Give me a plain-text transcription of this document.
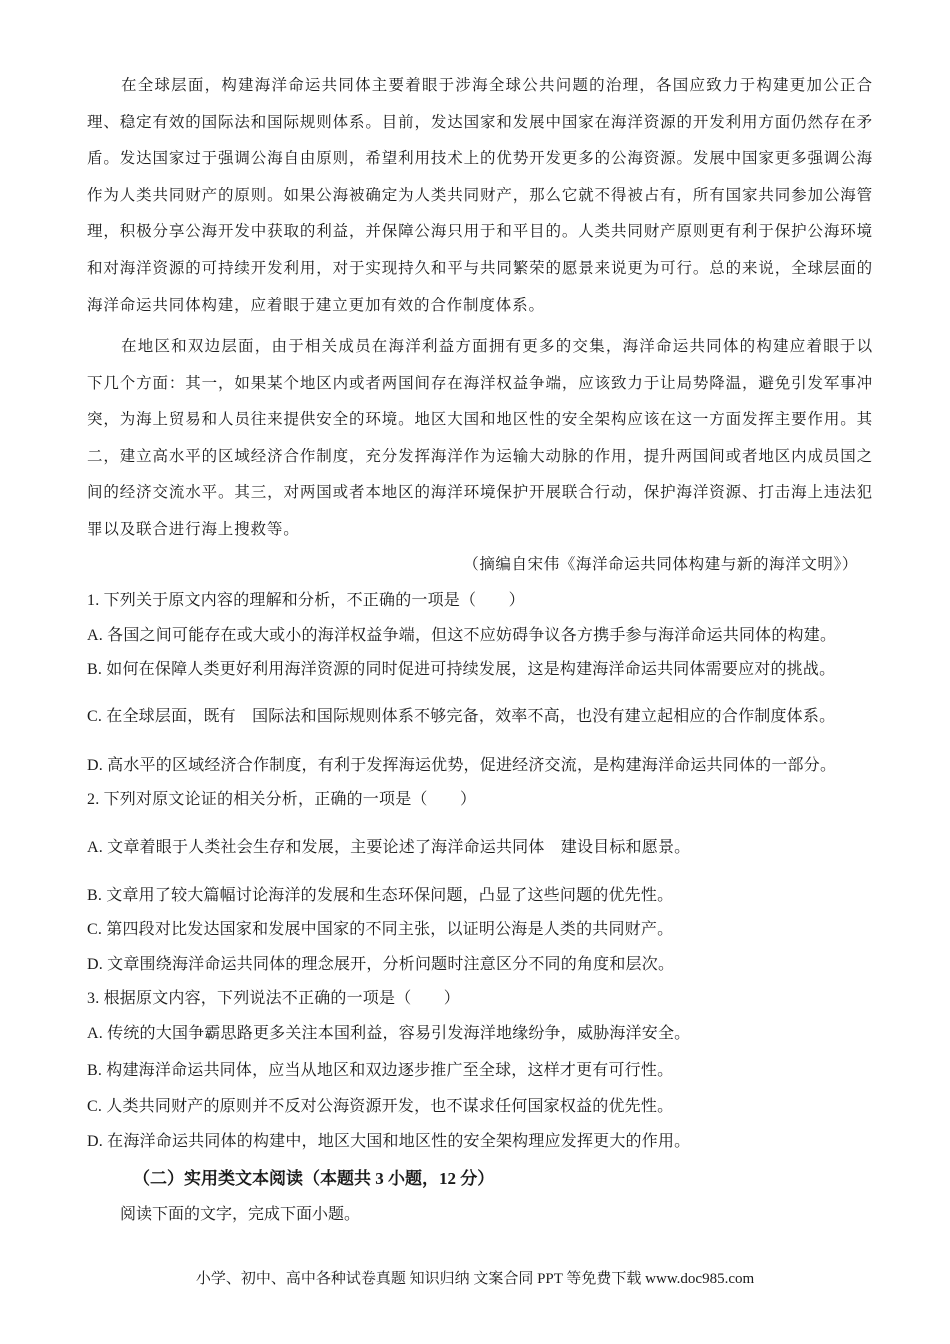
在全球层面，构建海洋命运共同体主要着眼于涉海全球公共问题的治理，各国应致力于构建更加公正合理、稳定有效的国际法和国际规则体系。目前，发达国家和发展中国家在海洋资源的开发利用方面仍然存在矛盾。发达国家过于强调公海自由原则，希望利用技术上的优势开发更多的公海资源。发展中国家更多强调公海作为人类共同财产的原则。如果公海被确定为人类共同财产，那么它就不得被占有，所有国家共同参加公海管理，积极分享公海开发中获取的利益，并保障公海只用于和平目的。人类共同财产原则更有利于保护公海环境和对海洋资源的可持续开发利用，对于实现持久和平与共同繁荣的愿景来说更为可行。总的来说，全球层面的海洋命运共同体构建，应着眼于建立更加有效的合作制度体系。
在地区和双边层面，由于相关成员在海洋利益方面拥有更多的交集，海洋命运共同体的构建应着眼于以下几个方面：其一，如果某个地区内或者两国间存在海洋权益争端，应该致力于让局势降温，避免引发军事冲突，为海上贸易和人员往来提供安全的环境。地区大国和地区性的安全架构应该在这一方面发挥主要作用。其二，建立高水平的区域经济合作制度，充分发挥海洋作为运输大动脉的作用，提升两国间或者地区内成员国之间的经济交流水平。其三，对两国或者本地区的海洋环境保护开展联合行动，保护海洋资源、打击海上违法犯罪以及联合进行海上搜救等。
（摘编自宋伟《海洋命运共同体构建与新的海洋文明》）
1. 下列关于原文内容的理解和分析，不正确的一项是（　　）
A. 各国之间可能存在或大或小的海洋权益争端，但这不应妨碍争议各方携手参与海洋命运共同体的构建。
B. 如何在保障人类更好利用海洋资源的同时促进可持续发展，这是构建海洋命运共同体需要应对的挑战。
C. 在全球层面，既有　国际法和国际规则体系不够完备，效率不高，也没有建立起相应的合作制度体系。
D. 高水平的区域经济合作制度，有利于发挥海运优势，促进经济交流，是构建海洋命运共同体的一部分。
2. 下列对原文论证的相关分析，正确的一项是（　　）
A. 文章着眼于人类社会生存和发展，主要论述了海洋命运共同体　建设目标和愿景。
B. 文章用了较大篇幅讨论海洋的发展和生态环保问题，凸显了这些问题的优先性。
C. 第四段对比发达国家和发展中国家的不同主张，以证明公海是人类的共同财产。
D. 文章围绕海洋命运共同体的理念展开，分析问题时注意区分不同的角度和层次。
3. 根据原文内容，下列说法不正确的一项是（　　）
A. 传统的大国争霸思路更多关注本国利益，容易引发海洋地缘纷争，威胁海洋安全。
B. 构建海洋命运共同体，应当从地区和双边逐步推广至全球，这样才更有可行性。
C. 人类共同财产的原则并不反对公海资源开发，也不谋求任何国家权益的优先性。
D. 在海洋命运共同体的构建中，地区大国和地区性的安全架构理应发挥更大的作用。
（二）实用类文本阅读（本题共 3 小题，12 分）
阅读下面的文字，完成下面小题。
小学、初中、高中各种试卷真题 知识归纳 文案合同 PPT 等免费下载 www.doc985.com
